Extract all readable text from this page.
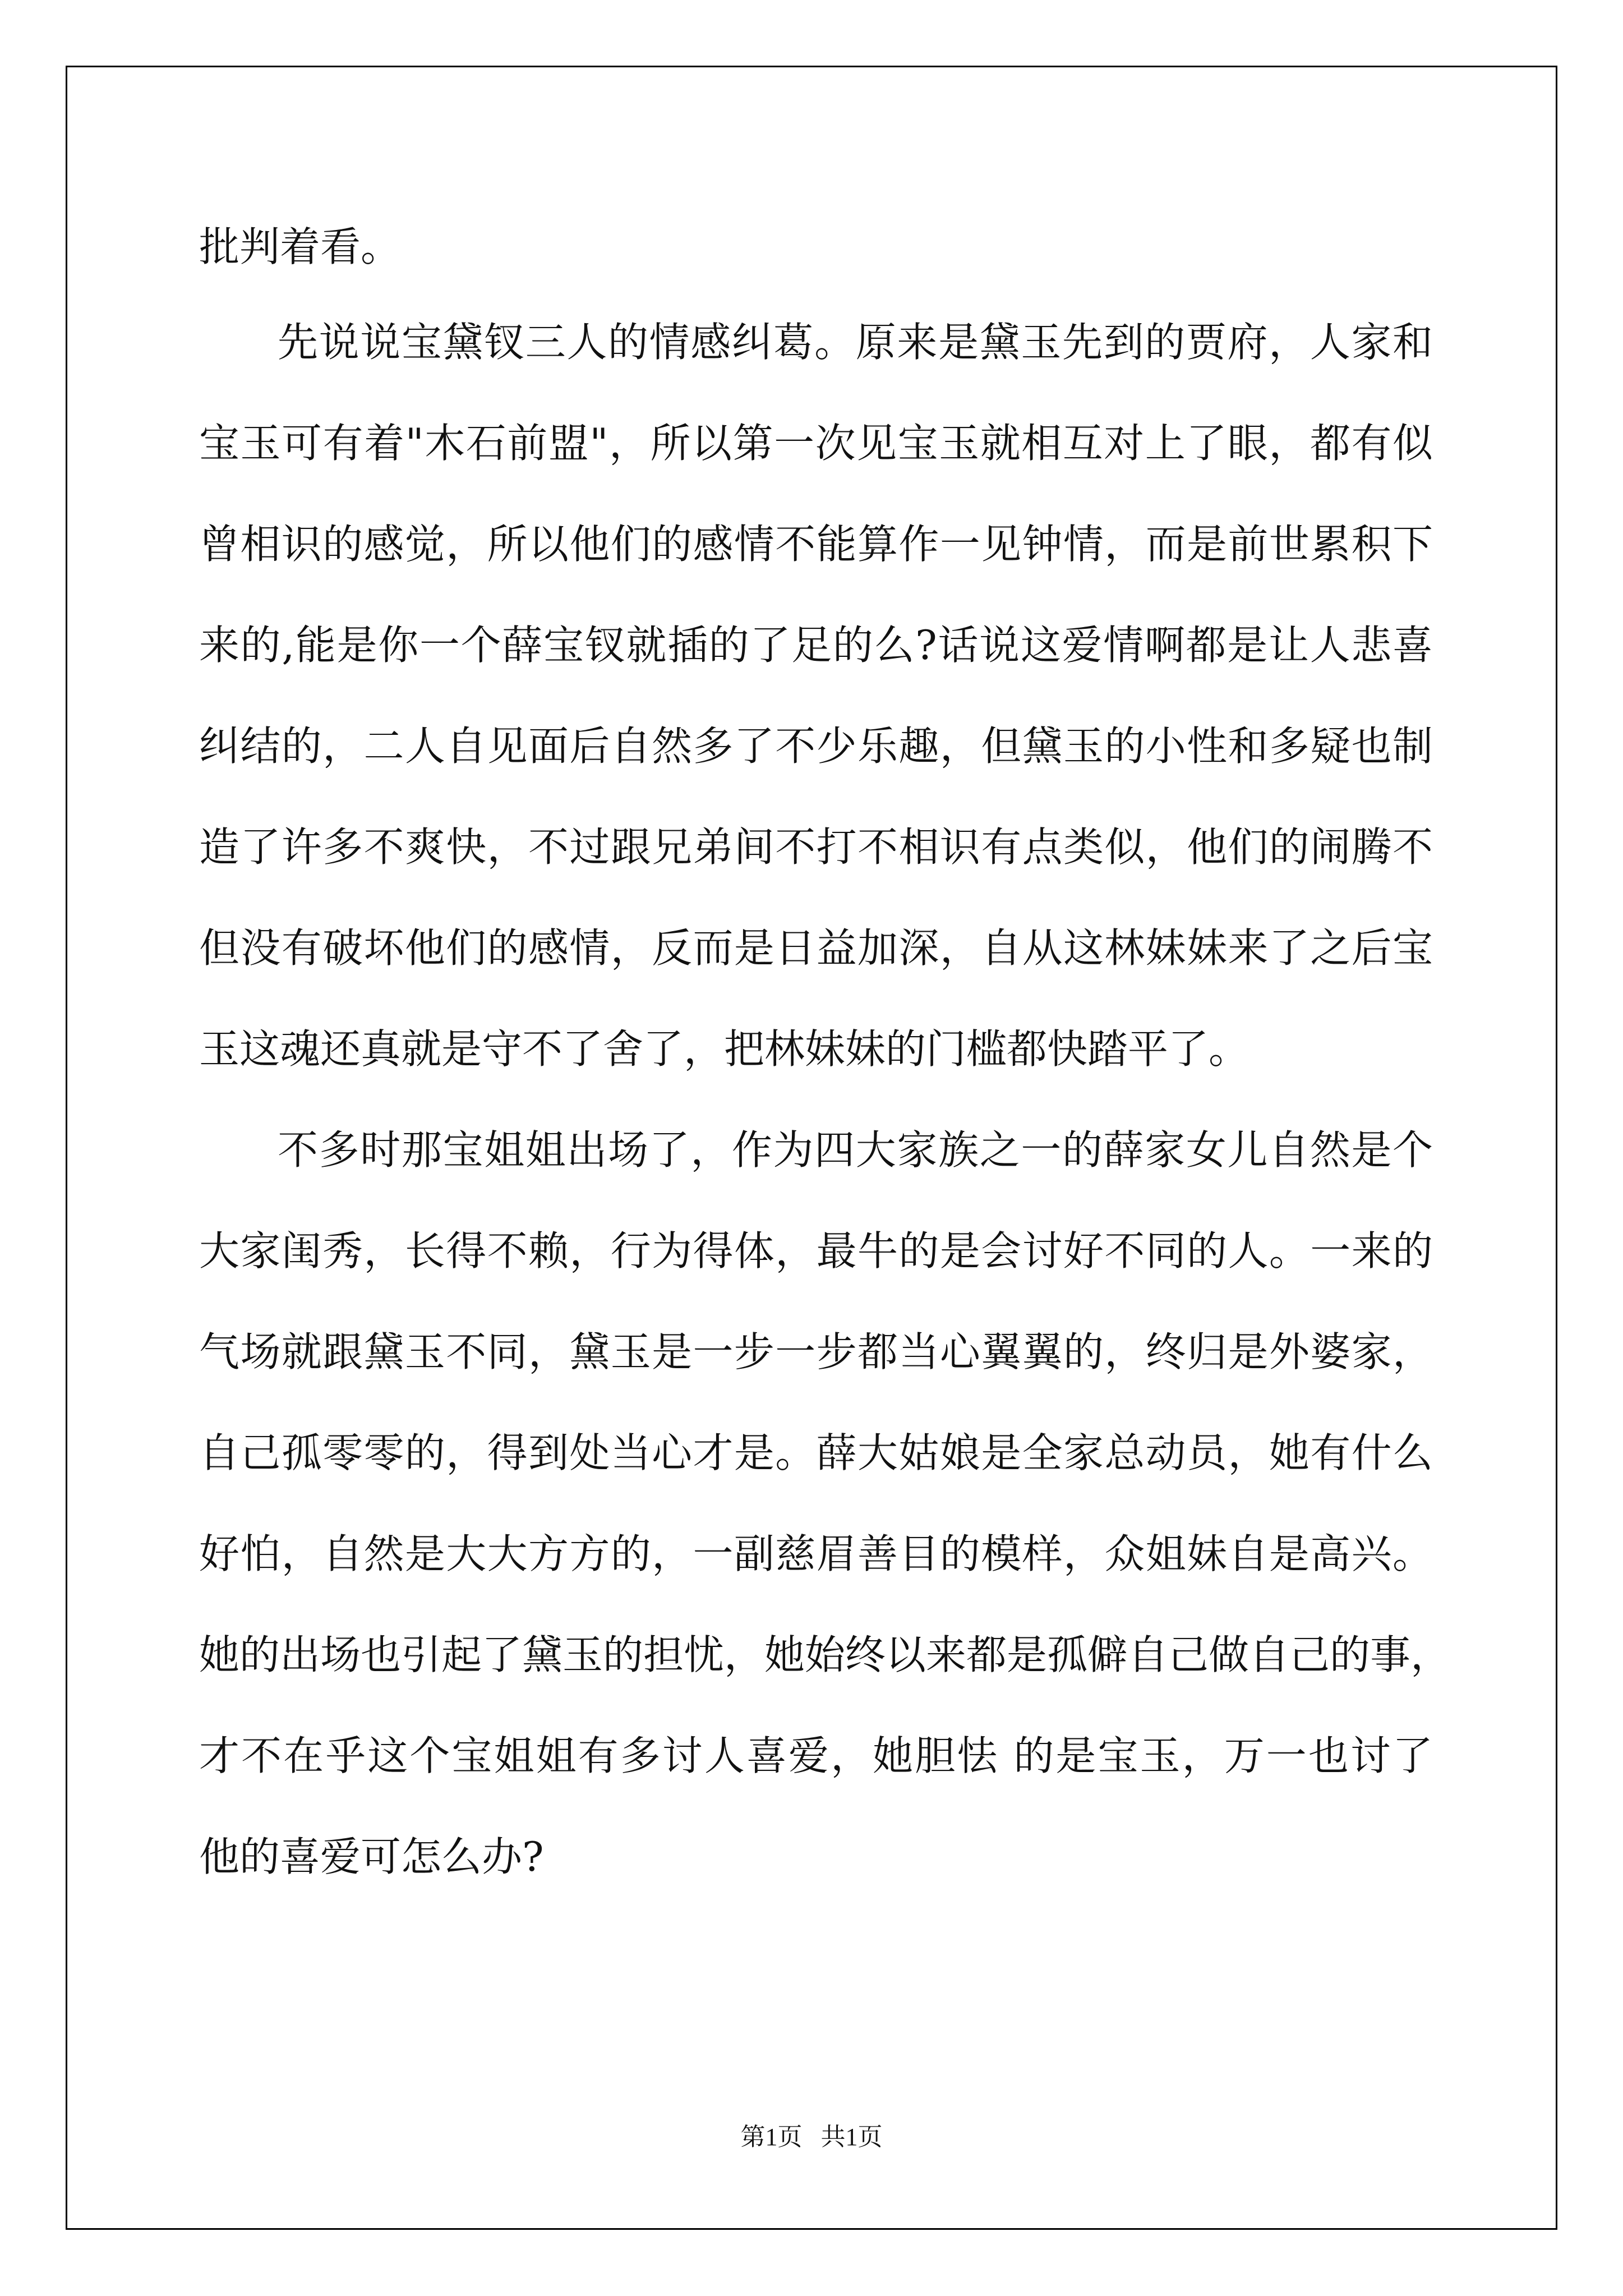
批判着看。
先说说宝黛钗三人的情感纠葛。原来是黛玉先到的贾府，人家和
宝玉可有着"木石前盟"，所以第一次见宝玉就相互对上了眼，都有似
曾相识的感觉，所以他们的感情不能算作一见钟情，而是前世累积下
来的,能是你一个薛宝钗就插的了足的么?话说这爱情啊都是让人悲喜
纠结的，二人自见面后自然多了不少乐趣，但黛玉的小性和多疑也制
造了许多不爽快，不过跟兄弟间不打不相识有点类似，他们的闹腾不
但没有破坏他们的感情，反而是日益加深，自从这林妹妹来了之后宝
玉这魂还真就是守不了舍了，把林妹妹的门槛都快踏平了。
不多时那宝姐姐出场了，作为四大家族之一的薛家女儿自然是个
大家闺秀，长得不赖，行为得体，最牛的是会讨好不同的人。一来的
气场就跟黛玉不同，黛玉是一步一步都当心翼翼的，终归是外婆家，
自己孤零零的，得到处当心才是。薛大姑娘是全家总动员，她有什么
好怕，自然是大大方方的，一副慈眉善目的模样，众姐妹自是高兴。
她的出场也引起了黛玉的担忧，她始终以来都是孤僻自己做自己的事，
才不在乎这个宝姐姐有多讨人喜爱，她胆怯 的是宝玉，万一也讨了
他的喜爱可怎么办?
第1页   共1页
